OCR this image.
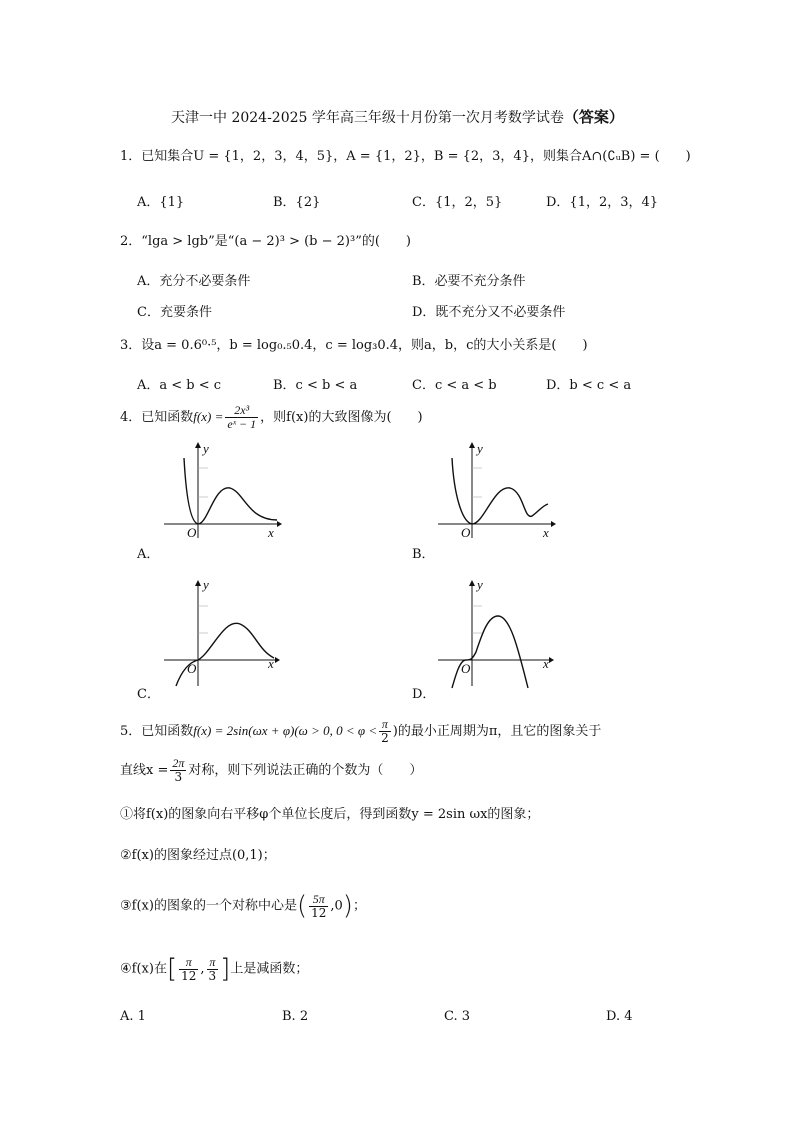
天津一中 2024-2025 学年高三年级十月份第一次月考数学试卷（答案）
1．已知集合U = {1，2，3，4，5}，A = {1，2}，B = {2，3，4}，则集合A∩(∁ᵤB) = (　　)
A．{1}	B．{2}	C．{1，2，5}	D．{1，2，3，4}
2．“lga > lgb”是“(a − 2)³ > (b − 2)³”的(　　)
A．充分不必要条件	B．必要不充分条件
C．充要条件	D．既不充分又不必要条件
3．设a = 0.6⁰·⁵，b = log₀.₅0.4，c = log₃0.4，则a，b，c的大小关系是(　　)
A．a < b < c	B．c < b < a	C．c < a < b	D．b < c < a
4．已知函数$f(x) = \frac{\text{2x³}}{\text{eˣ − 1}}$ ，则f(x)的大致图像为(　　)
y
x
O
A．
y
x
O
B．
y
x
O
C．
y
x
O
D．
5．已知函数f(x) = 2sin(ωx + φ)(ω > 0, $0 < \varphi < \frac{\pi}{2}$ )的最小正周期为π，且它的图象关于
直线$x = \frac{2\pi}{3}$ 对称，则下列说法正确的个数为（　　）
①将f(x)的图象向右平移φ个单位长度后，得到函数y = 2sin ωx的图象；
②f(x)的图象经过点(0,1)；
③f(x)的图象的一个对称中心是( $\frac{5\pi}{12} ,0$)；
④f(x)在[ $\frac{\pi}{12}$ , $\frac{\pi}{3}$ ]上是减函数；
A. 1	B. 2	C. 3	D. 4
